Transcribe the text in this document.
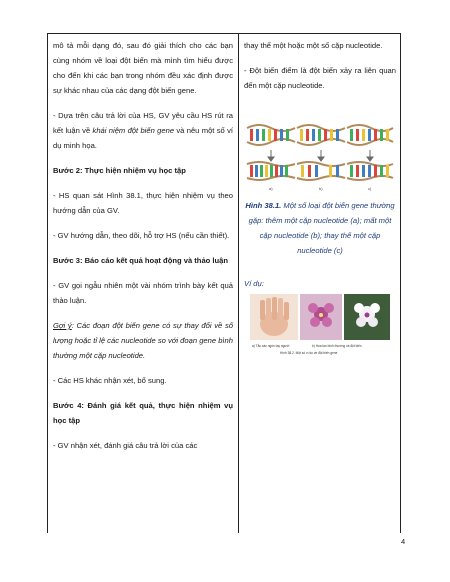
mô tả mỗi dạng đó, sau đó giải thích cho các bạn cùng nhóm về loại đột biến mà mình tìm hiểu được cho đến khi các bạn trong nhóm đều xác định được sự khác nhau của các dạng đột biến gene.

- Dựa trên câu trả lời của HS, GV yêu cầu HS rút ra kết luận về khái niệm đột biến gene và nêu một số ví dụ minh họa.

Bước 2: Thực hiện nhiệm vụ học tập

- HS quan sát Hình 38.1, thực hiện nhiệm vụ theo hướng dẫn của GV.

- GV hướng dẫn, theo dõi, hỗ trợ HS (nếu cần thiết).

Bước 3: Báo cáo kết quả hoạt động và thảo luận

- GV gọi ngẫu nhiên một vài nhóm trình bày kết quả thảo luận.

Gợi ý: Các đoạn đột biến gene có sự thay đổi về số lượng hoặc tỉ lệ các nucleotide so với đoạn gene bình thường một cặp nucleotide.

- Các HS khác nhận xét, bổ sung.

Bước 4: Đánh giá kết quả, thực hiện nhiệm vụ học tập

- GV nhận xét, đánh giá câu trả lời của các

thay thế một hoặc một số cặp nucleotide.

- Đột biến điểm là đột biến xảy ra liên quan đến một cặp nucleotide.

a)	b)	c)

Hình 38.1. Một số loại đột biến gene thường gặp: thêm một cặp nucleotide (a); mất một cặp nucleotide (b); thay thế một cặp nucleotide (c)

Ví dụ:
a) Tắc xác ngón tay người	b) Hoa lan bình thường và đột biến
Hình 38.2. Một số ví dụ về đột biến gene
4
